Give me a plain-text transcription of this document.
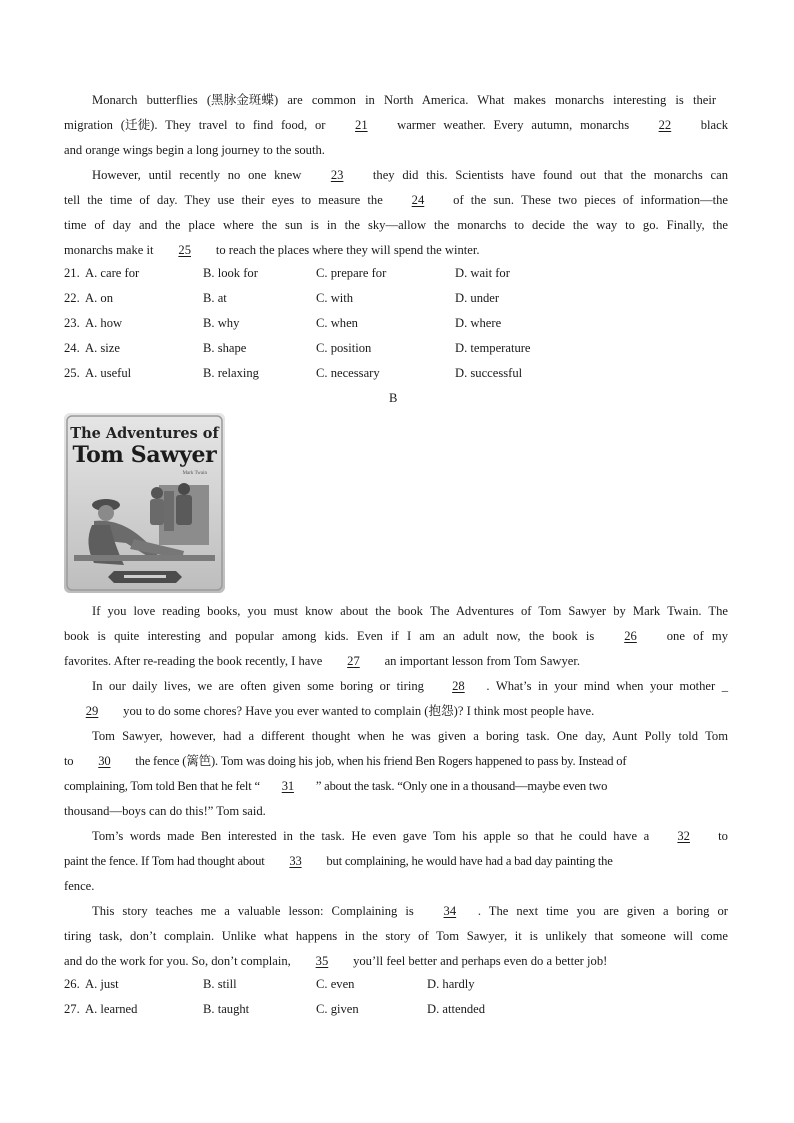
Monarch butterflies (黑脉金斑蝶) are common in North America. What makes monarchs interesting is their
migration (迁徙). They travel to find food, or 21 warmer weather. Every autumn, monarchs 22 black
and orange wings begin a long journey to the south.
However, until recently no one knew 23 they did this. Scientists have found out that the monarchs can
tell the time of day. They use their eyes to measure the 24 of the sun. These two pieces of information—the
time of day and the place where the sun is in the sky—allow the monarchs to decide the way to go. Finally, the
monarchs make it 25 to reach the places where they will spend the winter.
21. A. care for	B. look for	C. prepare for	D. wait for
22. A. on	B. at	C. with	D. under
23. A. how	B. why	C. when	D. where
24. A. size	B. shape	C. position	D. temperature
25. A. useful	B. relaxing	C. necessary	D. successful
B
The Adventures of
Tom Sawyer
Mark Twain
If you love reading books, you must know about the book The Adventures of Tom Sawyer by Mark Twain. The
book is quite interesting and popular among kids. Even if I am an adult now, the book is 26 one of my
favorites. After re-reading the book recently, I have 27 an important lesson from Tom Sawyer.
In our daily lives, we are often given some boring or tiring 28 . What’s in your mind when your mother _
29 you to do some chores? Have you ever wanted to complain (抱怨)? I think most people have.
Tom Sawyer, however, had a different thought when he was given a boring task. One day, Aunt Polly told Tom
to 30 the fence (篱笆). Tom was doing his job, when his friend Ben Rogers happened to pass by. Instead of
complaining, Tom told Ben that he felt “ 31 ” about the task. “Only one in a thousand—maybe even two
thousand—boys can do this!” Tom said.
Tom’s words made Ben interested in the task. He even gave Tom his apple so that he could have a 32 to
paint the fence. If Tom had thought about 33 but complaining, he would have had a bad day painting the
fence.
This story teaches me a valuable lesson: Complaining is 34 . The next time you are given a boring or
tiring task, don’t complain. Unlike what happens in the story of Tom Sawyer, it is unlikely that someone will come
and do the work for you. So, don’t complain, 35 you’ll feel better and perhaps even do a better job!
26. A. just	B. still	C. even	D. hardly
27. A. learned	B. taught	C. given	D. attended
